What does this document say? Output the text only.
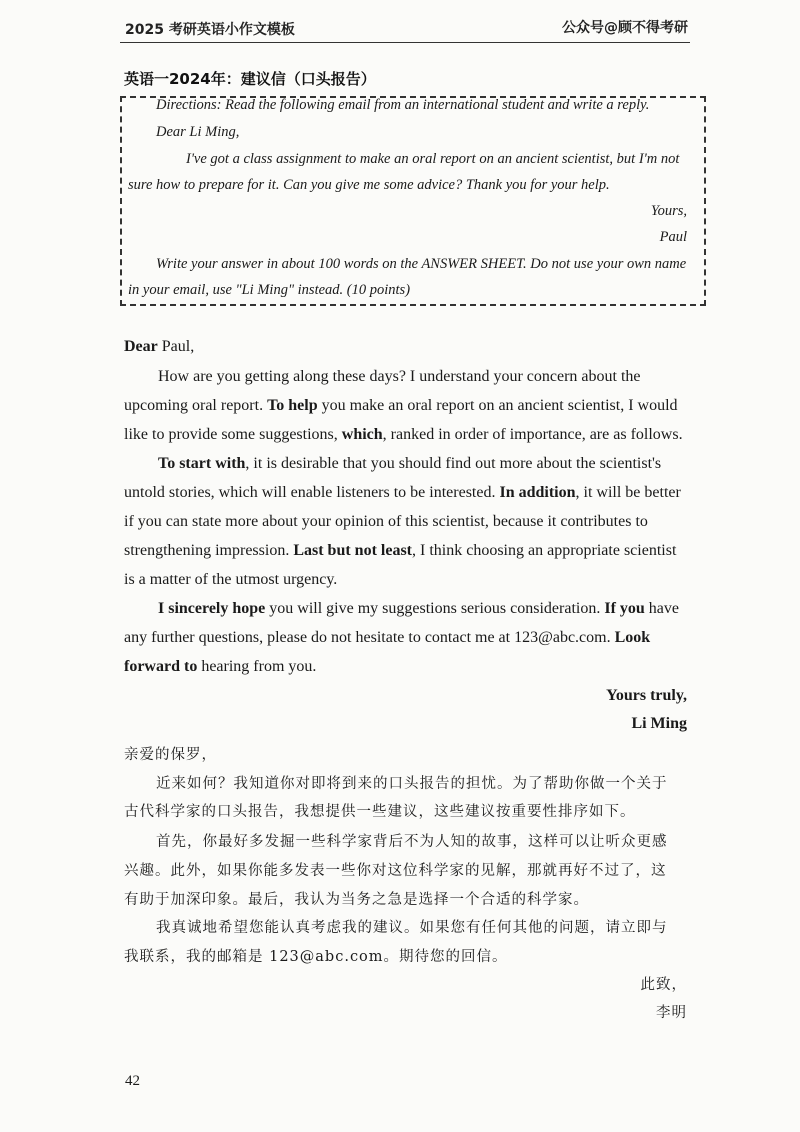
2025 考研英语小作文模板	公众号@顾不得考研
英语一2024年：建议信（口头报告）
Directions: Read the following email from an international student and write a reply.
Dear Li Ming,
I've got a class assignment to make an oral report on an ancient scientist, but I'm not
sure how to prepare for it. Can you give me some advice? Thank you for your help.
Yours,
Paul
Write your answer in about 100 words on the ANSWER SHEET. Do not use your own name
in your email, use "Li Ming" instead. (10 points)
Dear Paul,
How are you getting along these days? I understand your concern about the
upcoming oral report. To help you make an oral report on an ancient scientist, I would
like to provide some suggestions, which, ranked in order of importance, are as follows.
To start with, it is desirable that you should find out more about the scientist's
untold stories, which will enable listeners to be interested. In addition, it will be better
if you can state more about your opinion of this scientist, because it contributes to
strengthening impression. Last but not least, I think choosing an appropriate scientist
is a matter of the utmost urgency.
I sincerely hope you will give my suggestions serious consideration. If you have
any further questions, please do not hesitate to contact me at 123@abc.com. Look
forward to hearing from you.
Yours truly,
Li Ming
亲爱的保罗，
近来如何？我知道你对即将到来的口头报告的担忧。为了帮助你做一个关于
古代科学家的口头报告，我想提供一些建议，这些建议按重要性排序如下。
首先，你最好多发掘一些科学家背后不为人知的故事，这样可以让听众更感
兴趣。此外，如果你能多发表一些你对这位科学家的见解，那就再好不过了，这
有助于加深印象。最后，我认为当务之急是选择一个合适的科学家。
我真诚地希望您能认真考虑我的建议。如果您有任何其他的问题，请立即与
我联系，我的邮箱是 123@abc.com。期待您的回信。
此致，
李明
42
